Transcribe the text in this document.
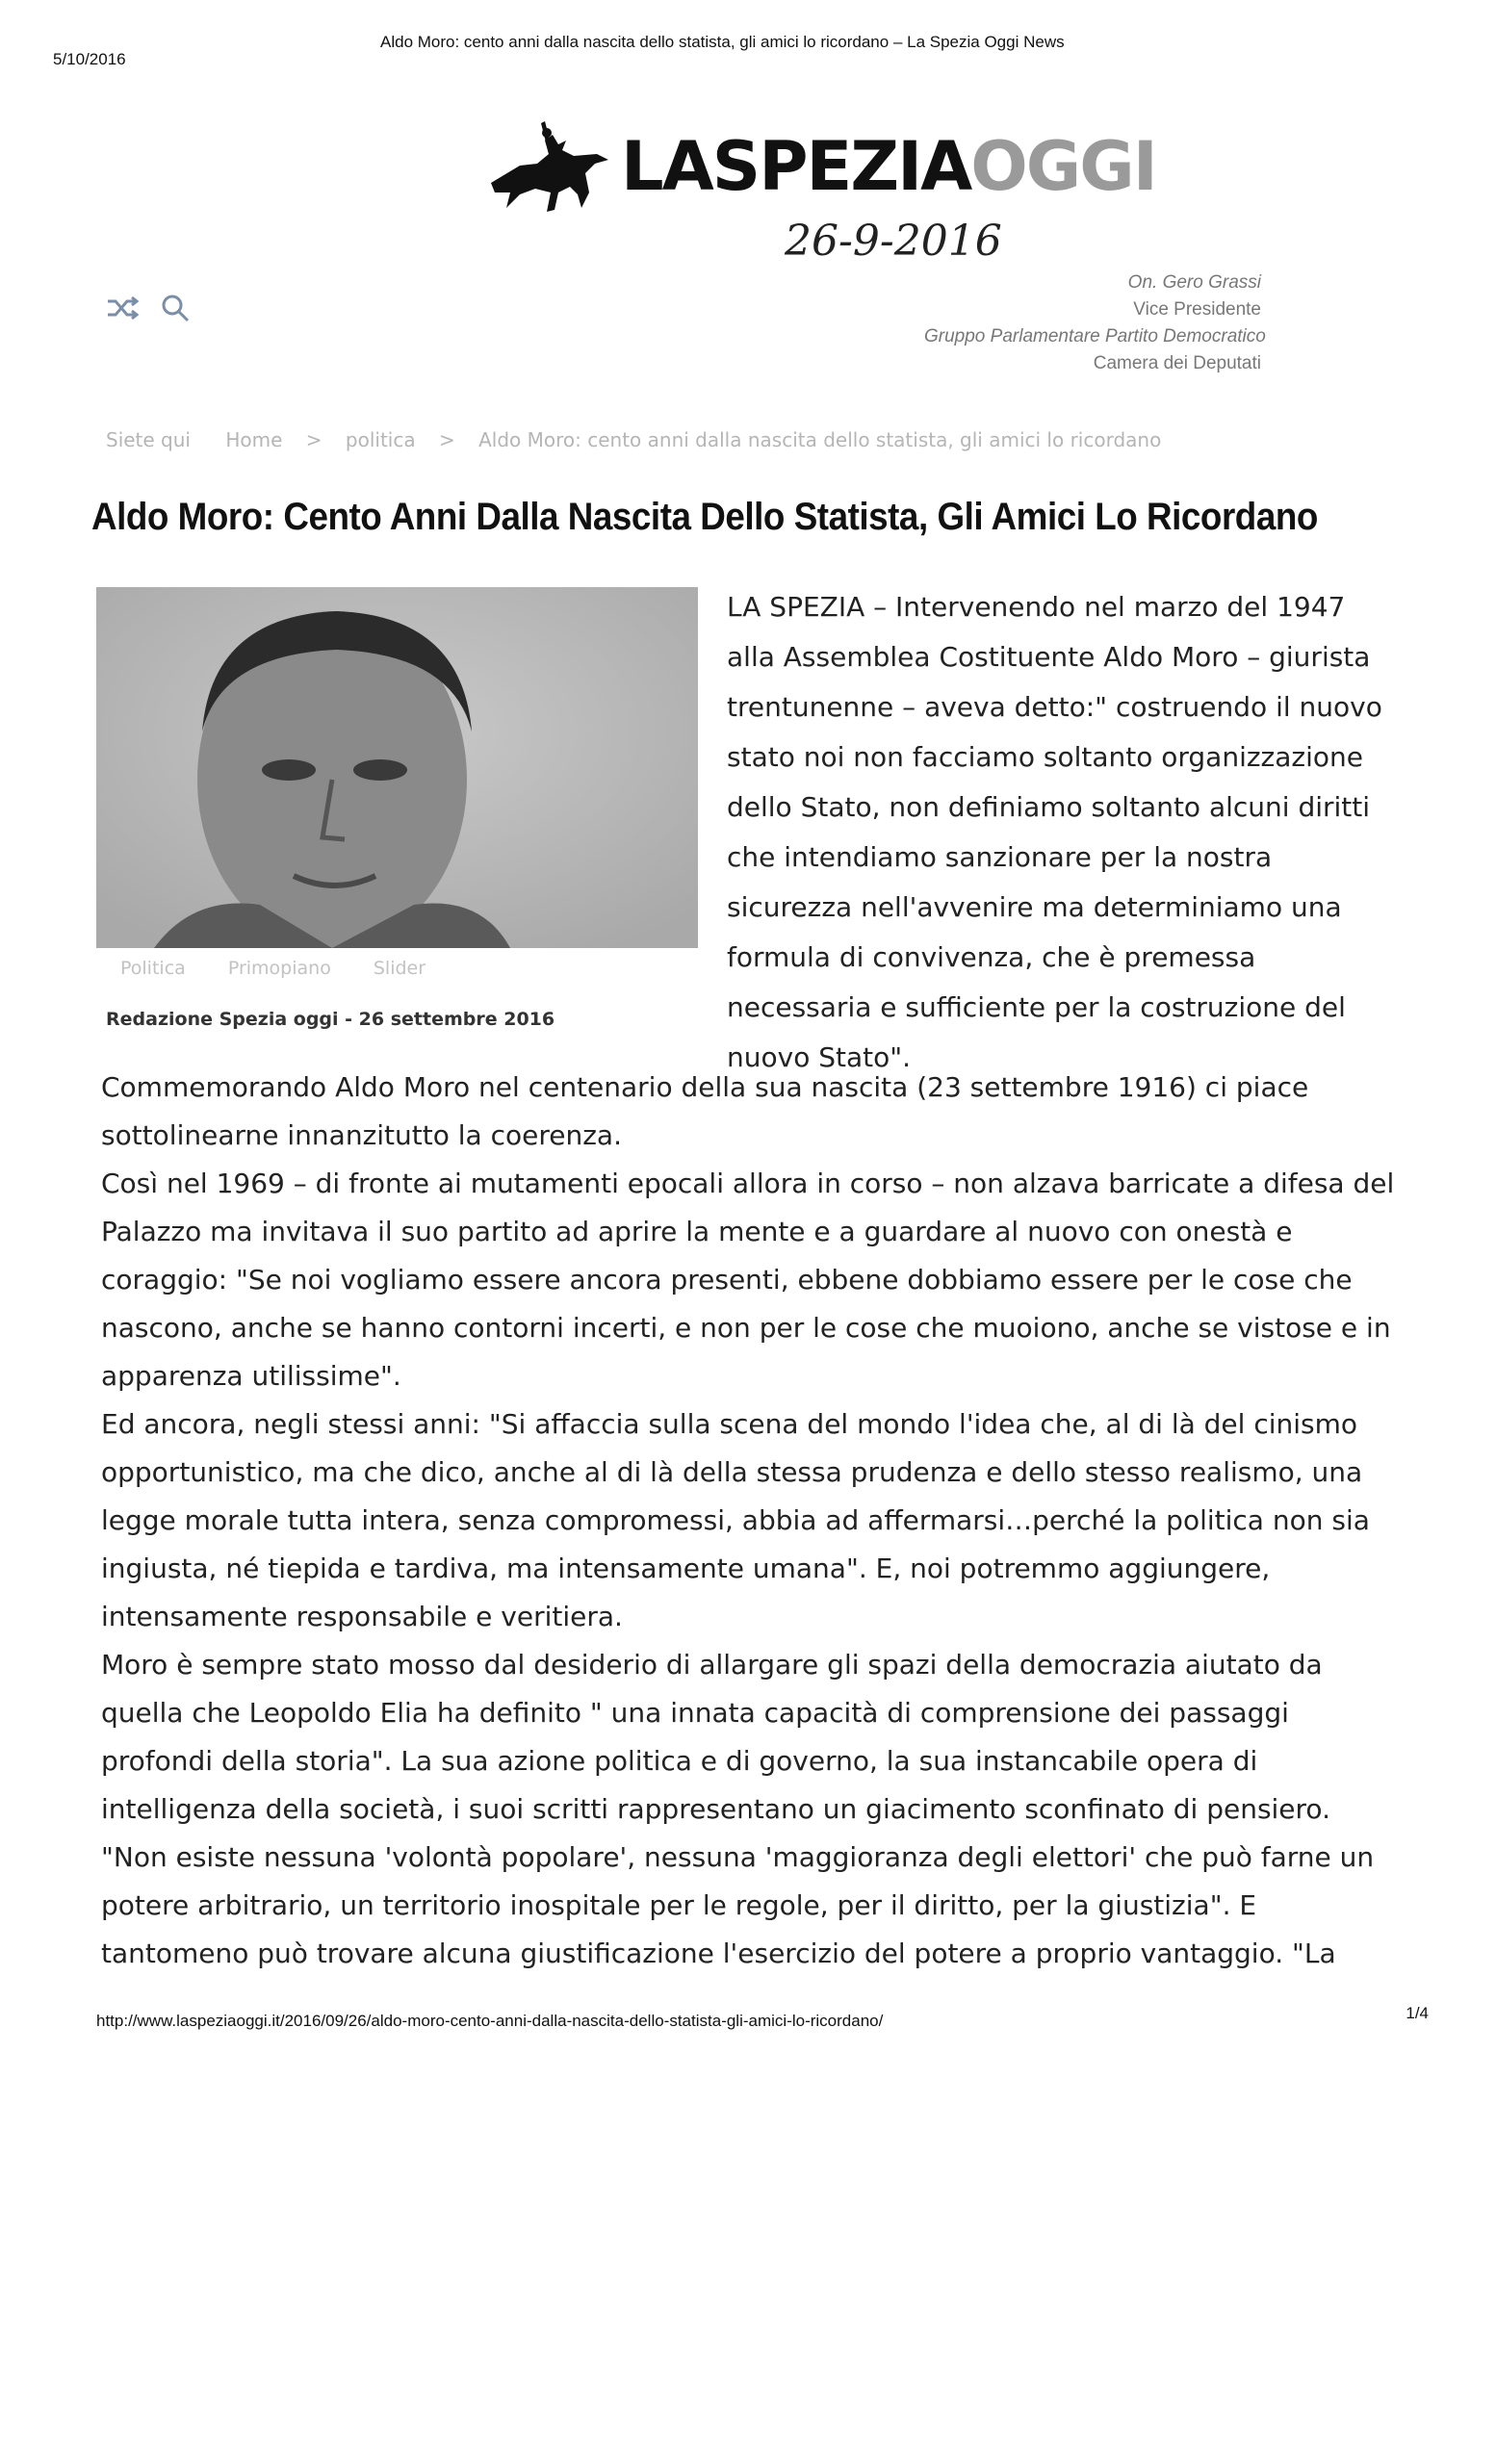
5/10/2016
Aldo Moro: cento anni dalla nascita dello statista, gli amici lo ricordano – La Spezia Oggi News
LASPEZIAOGGI
26-9-2016
On. Gero Grassi
Vice Presidente
Gruppo Parlamentare Partito Democratico
Camera dei Deputati
Siete qui Home > politica > Aldo Moro: cento anni dalla nascita dello statista, gli amici lo ricordano
Aldo Moro: Cento Anni Dalla Nascita Dello Statista, Gli Amici Lo Ricordano
Politica Primopiano Slider
Redazione Spezia oggi - 26 settembre 2016

LA SPEZIA – Intervenendo nel marzo del 1947 alla Assemblea Costituente Aldo Moro – giurista trentunenne – aveva detto:" costruendo il nuovo stato noi non facciamo soltanto organizzazione dello Stato, non definiamo soltanto alcuni diritti che intendiamo sanzionare per la nostra sicurezza nell'avvenire ma determiniamo una formula di convivenza, che è premessa necessaria e sufficiente per la costruzione del nuovo Stato".

Commemorando Aldo Moro nel centenario della sua nascita (23 settembre 1916) ci piace sottolinearne innanzitutto la coerenza.

Così nel 1969 – di fronte ai mutamenti epocali allora in corso – non alzava barricate a difesa del Palazzo ma invitava il suo partito ad aprire la mente e a guardare al nuovo con onestà e coraggio: "Se noi vogliamo essere ancora presenti, ebbene dobbiamo essere per le cose che nascono, anche se hanno contorni incerti, e non per le cose che muoiono, anche se vistose e in apparenza utilissime".

Ed ancora, negli stessi anni: "Si affaccia sulla scena del mondo l'idea che, al di là del cinismo opportunistico, ma che dico, anche al di là della stessa prudenza e dello stesso realismo, una legge morale tutta intera, senza compromessi, abbia ad affermarsi…perché la politica non sia ingiusta, né tiepida e tardiva, ma intensamente umana". E, noi potremmo aggiungere, intensamente responsabile e veritiera.

Moro è sempre stato mosso dal desiderio di allargare gli spazi della democrazia aiutato da quella che Leopoldo Elia ha definito " una innata capacità di comprensione dei passaggi profondi della storia". La sua azione politica e di governo, la sua instancabile opera di intelligenza della società, i suoi scritti rappresentano un giacimento sconfinato di pensiero.

"Non esiste nessuna 'volontà popolare', nessuna 'maggioranza degli elettori' che può farne un potere arbitrario, un territorio inospitale per le regole, per il diritto, per la giustizia". E tantomeno può trovare alcuna giustificazione l'esercizio del potere a proprio vantaggio. "La

http://www.laspeziaoggi.it/2016/09/26/aldo-moro-cento-anni-dalla-nascita-dello-statista-gli-amici-lo-ricordano/	1/4
